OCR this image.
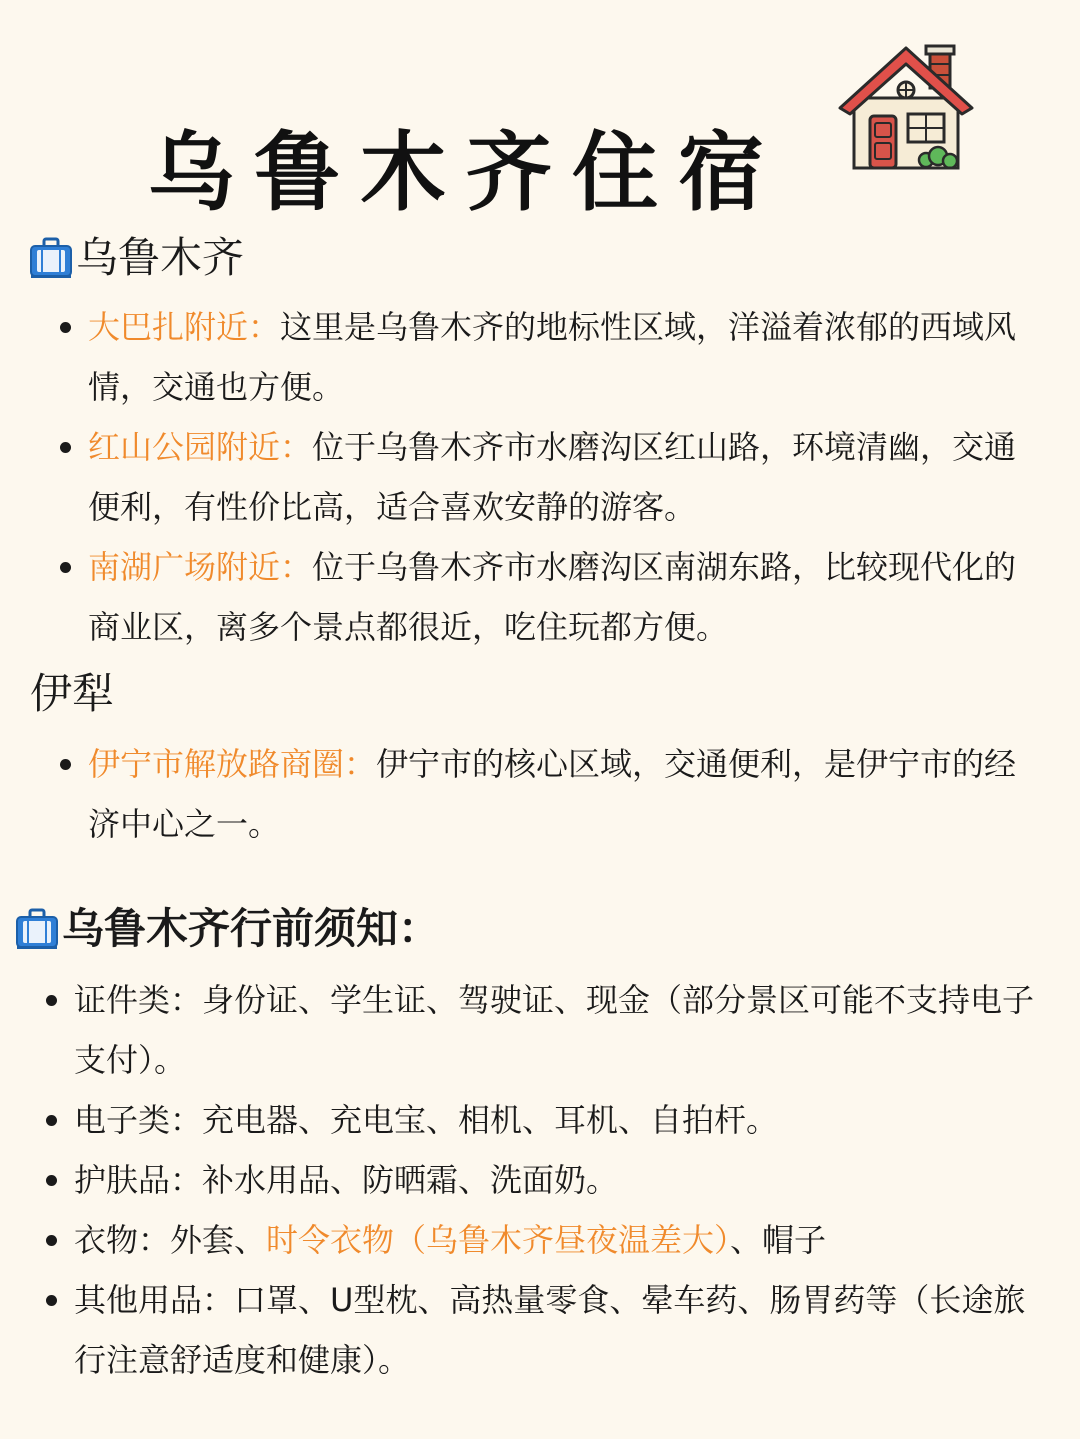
乌鲁木齐住宿
乌鲁木齐
大巴扎附近：这里是乌鲁木齐的地标性区域，洋溢着浓郁的西域风情，交通也方便。
红山公园附近：位于乌鲁木齐市水磨沟区红山路，环境清幽，交通便利，有性价比高，适合喜欢安静的游客。
南湖广场附近：位于乌鲁木齐市水磨沟区南湖东路，比较现代化的商业区，离多个景点都很近，吃住玩都方便。
伊犁
伊宁市解放路商圈：伊宁市的核心区域，交通便利，是伊宁市的经济中心之一。
乌鲁木齐行前须知：
证件类：身份证、学生证、驾驶证、现金（部分景区可能不支持电子支付）。
电子类：充电器、充电宝、相机、耳机、自拍杆。
护肤品：补水用品、防晒霜、洗面奶。
衣物：外套、时令衣物（乌鲁木齐昼夜温差大）、帽子
其他用品：口罩、U型枕、高热量零食、晕车药、肠胃药等（长途旅行注意舒适度和健康）。
